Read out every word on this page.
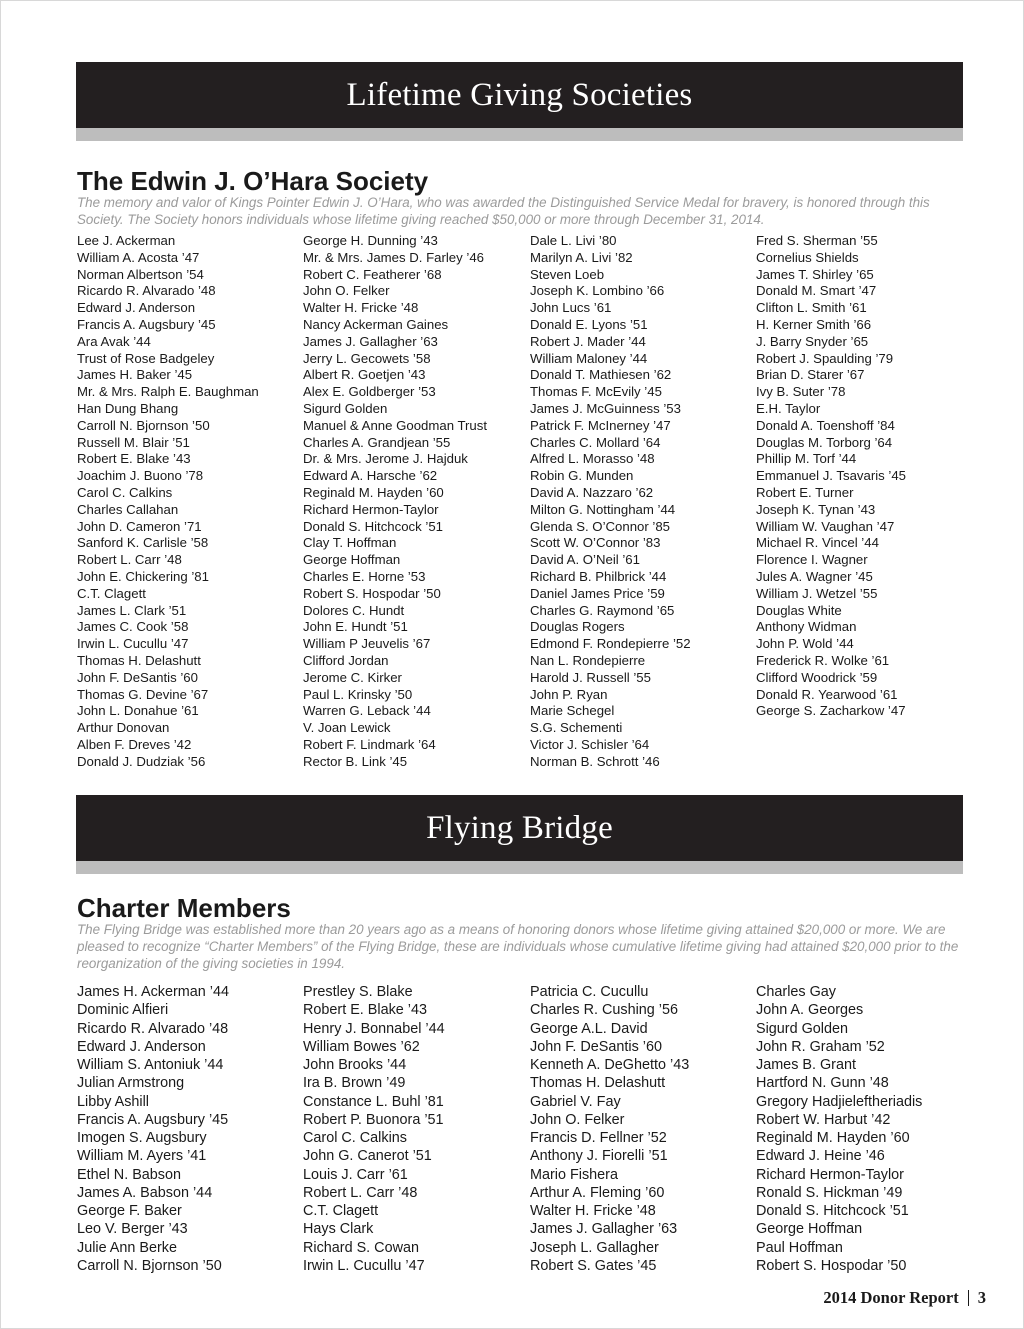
Lifetime Giving Societies
The Edwin J. O’Hara Society

The memory and valor of Kings Pointer Edwin J. O’Hara, who was awarded the Distinguished Service Medal for bravery, is honored through this Society. The Society honors individuals whose lifetime giving reached $50,000 or more through December 31, 2014.

Lee J. Ackerman
William A. Acosta ’47
Norman Albertson ’54
Ricardo R. Alvarado ’48
Edward J. Anderson
Francis A. Augsbury ’45
Ara Avak ’44
Trust of Rose Badgeley
James H. Baker ’45
Mr. & Mrs. Ralph E. Baughman
Han Dung Bhang
Carroll N. Bjornson ’50
Russell M. Blair ’51
Robert E. Blake ’43
Joachim J. Buono ’78
Carol C. Calkins
Charles Callahan
John D. Cameron ’71
Sanford K. Carlisle ’58
Robert L. Carr ’48
John E. Chickering ’81
C.T. Clagett
James L. Clark ’51
James C. Cook ’58
Irwin L. Cucullu ’47
Thomas H. Delashutt
John F. DeSantis ’60
Thomas G. Devine ’67
John L. Donahue ’61
Arthur Donovan
Alben F. Dreves ’42
Donald J. Dudziak ’56
George H. Dunning ’43
Mr. & Mrs. James D. Farley ’46
Robert C. Featherer ’68
John O. Felker
Walter H. Fricke ’48
Nancy Ackerman Gaines
James J. Gallagher ’63
Jerry L. Gecowets ’58
Albert R. Goetjen ’43
Alex E. Goldberger ’53
Sigurd Golden
Manuel & Anne Goodman Trust
Charles A. Grandjean ’55
Dr. & Mrs. Jerome J. Hajduk
Edward A. Harsche ’62
Reginald M. Hayden ’60
Richard Hermon-Taylor
Donald S. Hitchcock ’51
Clay T. Hoffman
George Hoffman
Charles E. Horne ’53
Robert S. Hospodar ’50
Dolores C. Hundt
John E. Hundt ’51
William P Jeuvelis ’67
Clifford Jordan
Jerome C. Kirker
Paul L. Krinsky ’50
Warren G. Leback ’44
V. Joan Lewick
Robert F. Lindmark ’64
Rector B. Link ’45
Dale L. Livi ’80
Marilyn A. Livi ’82
Steven Loeb
Joseph K. Lombino ’66
John Lucs ’61
Donald E. Lyons ’51
Robert J. Mader ’44
William Maloney ’44
Donald T. Mathiesen ’62
Thomas F. McEvily ’45
James J. McGuinness ’53
Patrick F. McInerney ’47
Charles C. Mollard ’64
Alfred L. Morasso ’48
Robin G. Munden
David A. Nazzaro ’62
Milton G. Nottingham ’44
Glenda S. O’Connor ’85
Scott W. O’Connor ’83
David A. O’Neil ’61
Richard B. Philbrick ’44
Daniel James Price ’59
Charles G. Raymond ’65
Douglas Rogers
Edmond F. Rondepierre ’52
Nan L. Rondepierre
Harold J. Russell ’55
John P. Ryan
Marie Schegel
S.G. Schementi
Victor J. Schisler ’64
Norman B. Schrott ’46
Fred S. Sherman ’55
Cornelius Shields
James T. Shirley ’65
Donald M. Smart ’47
Clifton L. Smith ’61
H. Kerner Smith ’66
J. Barry Snyder ’65
Robert J. Spaulding ’79
Brian D. Starer ’67
Ivy B. Suter ’78
E.H. Taylor
Donald A. Toenshoff ’84
Douglas M. Torborg ’64
Phillip M. Torf ’44
Emmanuel J. Tsavaris ’45
Robert E. Turner
Joseph K. Tynan ’43
William W. Vaughan ’47
Michael R. Vincel ’44
Florence I. Wagner
Jules A. Wagner ’45
William J. Wetzel ’55
Douglas White
Anthony Widman
John P. Wold ’44
Frederick R. Wolke ’61
Clifford Woodrick ’59
Donald R. Yearwood ’61
George S. Zacharkow ’47
Flying Bridge
Charter Members

The Flying Bridge was established more than 20 years ago as a means of honoring donors whose lifetime giving attained $20,000 or more. We are pleased to recognize “Charter Members” of the Flying Bridge, these are individuals whose cumulative lifetime giving had attained $20,000 prior to the reorganization of the giving societies in 1994.

James H. Ackerman ’44
Dominic Alfieri
Ricardo R. Alvarado ’48
Edward J. Anderson
William S. Antoniuk ’44
Julian Armstrong
Libby Ashill
Francis A. Augsbury ’45
Imogen S. Augsbury
William M. Ayers ’41
Ethel N. Babson
James A. Babson ’44
George F. Baker
Leo V. Berger ’43
Julie Ann Berke
Carroll N. Bjornson ’50
Prestley S. Blake
Robert E. Blake ’43
Henry J. Bonnabel ’44
William Bowes ’62
John Brooks ’44
Ira B. Brown ’49
Constance L. Buhl ’81
Robert P. Buonora ’51
Carol C. Calkins
John G. Canerot ’51
Louis J. Carr ’61
Robert L. Carr ’48
C.T. Clagett
Hays Clark
Richard S. Cowan
Irwin L. Cucullu ’47
Patricia C. Cucullu
Charles R. Cushing ’56
George A.L. David
John F. DeSantis ’60
Kenneth A. DeGhetto ’43
Thomas H. Delashutt
Gabriel V. Fay
John O. Felker
Francis D. Fellner ’52
Anthony J. Fiorelli ’51
Mario Fishera
Arthur A. Fleming ’60
Walter H. Fricke ’48
James J. Gallagher ’63
Joseph L. Gallagher
Robert S. Gates ’45
Charles Gay
John A. Georges
Sigurd Golden
John R. Graham ’52
James B. Grant
Hartford N. Gunn ’48
Gregory Hadjieleftheriadis
Robert W. Harbut ’42
Reginald M. Hayden ’60
Edward J. Heine ’46
Richard Hermon-Taylor
Ronald S. Hickman ’49
Donald S. Hitchcock ’51
George Hoffman
Paul Hoffman
Robert S. Hospodar ’50
2014 Donor Report 3
